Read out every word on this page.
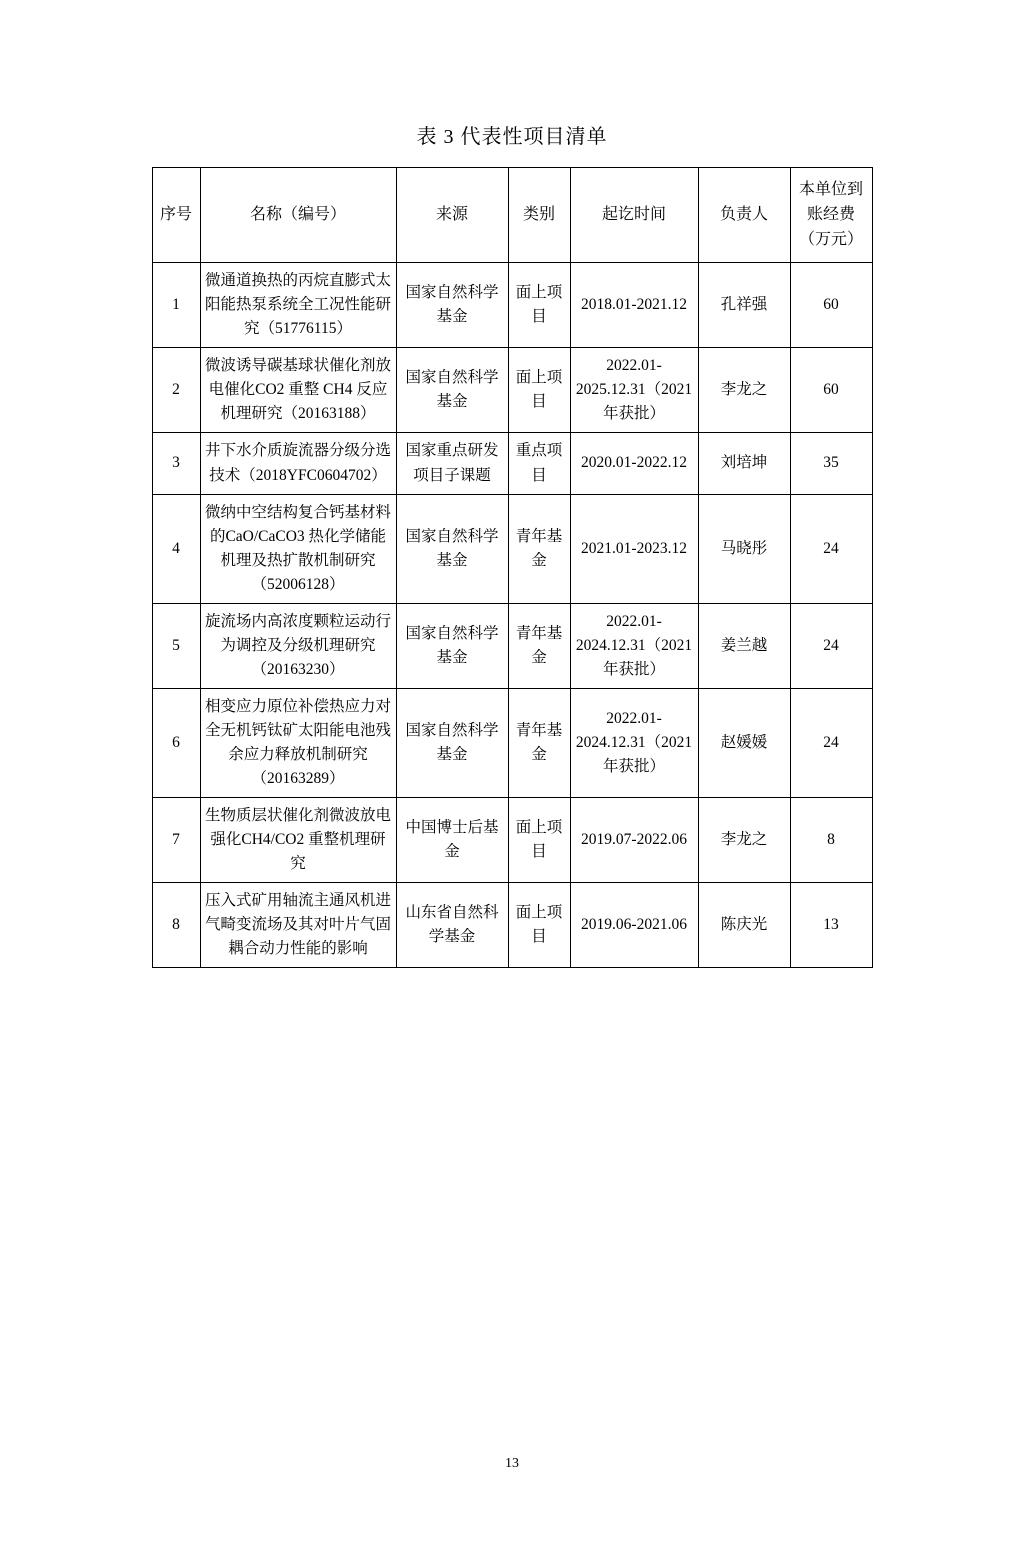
表 3 代表性项目清单
序号	名称（编号）	来源	类别	起讫时间	负责人	本单位到账经费（万元）
1	微通道换热的丙烷直膨式太阳能热泵系统全工况性能研究（51776115）	国家自然科学基金	面上项目	2018.01-2021.12	孔祥强	60
2	微波诱导碳基球状催化剂放电催化CO2 重整 CH4 反应机理研究（20163188）	国家自然科学基金	面上项目	2022.01-2025.12.31（2021 年获批）	李龙之	60
3	井下水介质旋流器分级分选技术（2018YFC0604702）	国家重点研发项目子课题	重点项目	2020.01-2022.12	刘培坤	35
4	微纳中空结构复合钙基材料的CaO/CaCO3 热化学储能机理及热扩散机制研究（52006128）	国家自然科学基金	青年基金	2021.01-2023.12	马晓彤	24
5	旋流场内高浓度颗粒运动行为调控及分级机理研究（20163230）	国家自然科学基金	青年基金	2022.01-2024.12.31（2021 年获批）	姜兰越	24
6	相变应力原位补偿热应力对全无机钙钛矿太阳能电池残余应力释放机制研究（20163289）	国家自然科学基金	青年基金	2022.01-2024.12.31（2021 年获批）	赵媛媛	24
7	生物质层状催化剂微波放电强化CH4/CO2 重整机理研究	中国博士后基金	面上项目	2019.07-2022.06	李龙之	8
8	压入式矿用轴流主通风机进气畸变流场及其对叶片气固耦合动力性能的影响	山东省自然科学基金	面上项目	2019.06-2021.06	陈庆光	13
13
